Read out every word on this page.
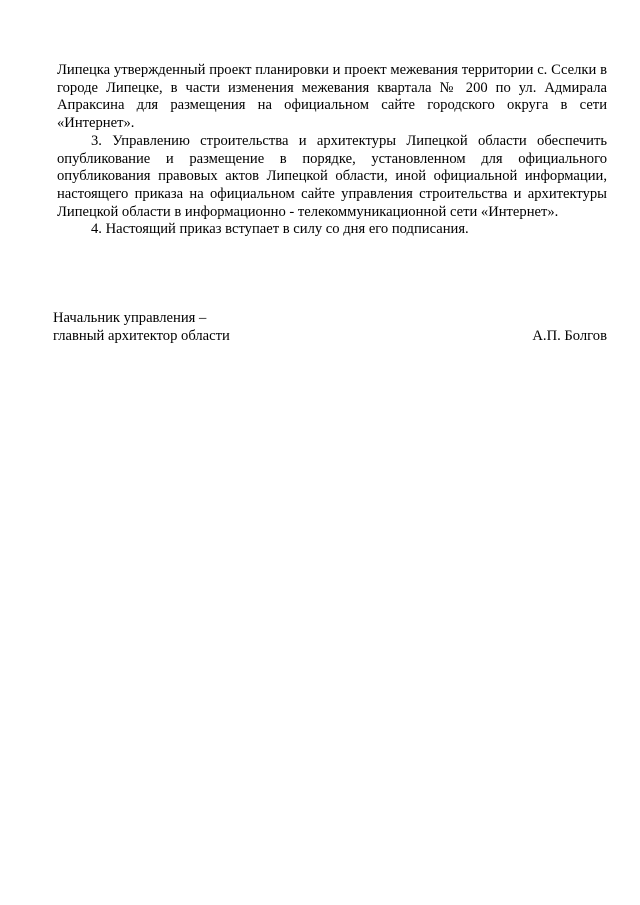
Липецка утвержденный проект планировки и проект межевания территории с. Сселки в городе Липецке, в части изменения межевания квартала № 200 по ул. Адмирала Апраксина для размещения на официальном сайте городского округа в сети «Интернет».

3. Управлению строительства и архитектуры Липецкой области обеспечить опубликование и размещение в порядке, установленном для официального опубликования правовых актов Липецкой области, иной официальной информации, настоящего приказа на официальном сайте управления строительства и архитектуры Липецкой области в информационно - телекоммуникационной сети «Интернет».

4. Настоящий приказ вступает в силу со дня его подписания.

Начальник управления –
главный архитектор области	А.П. Болгов
